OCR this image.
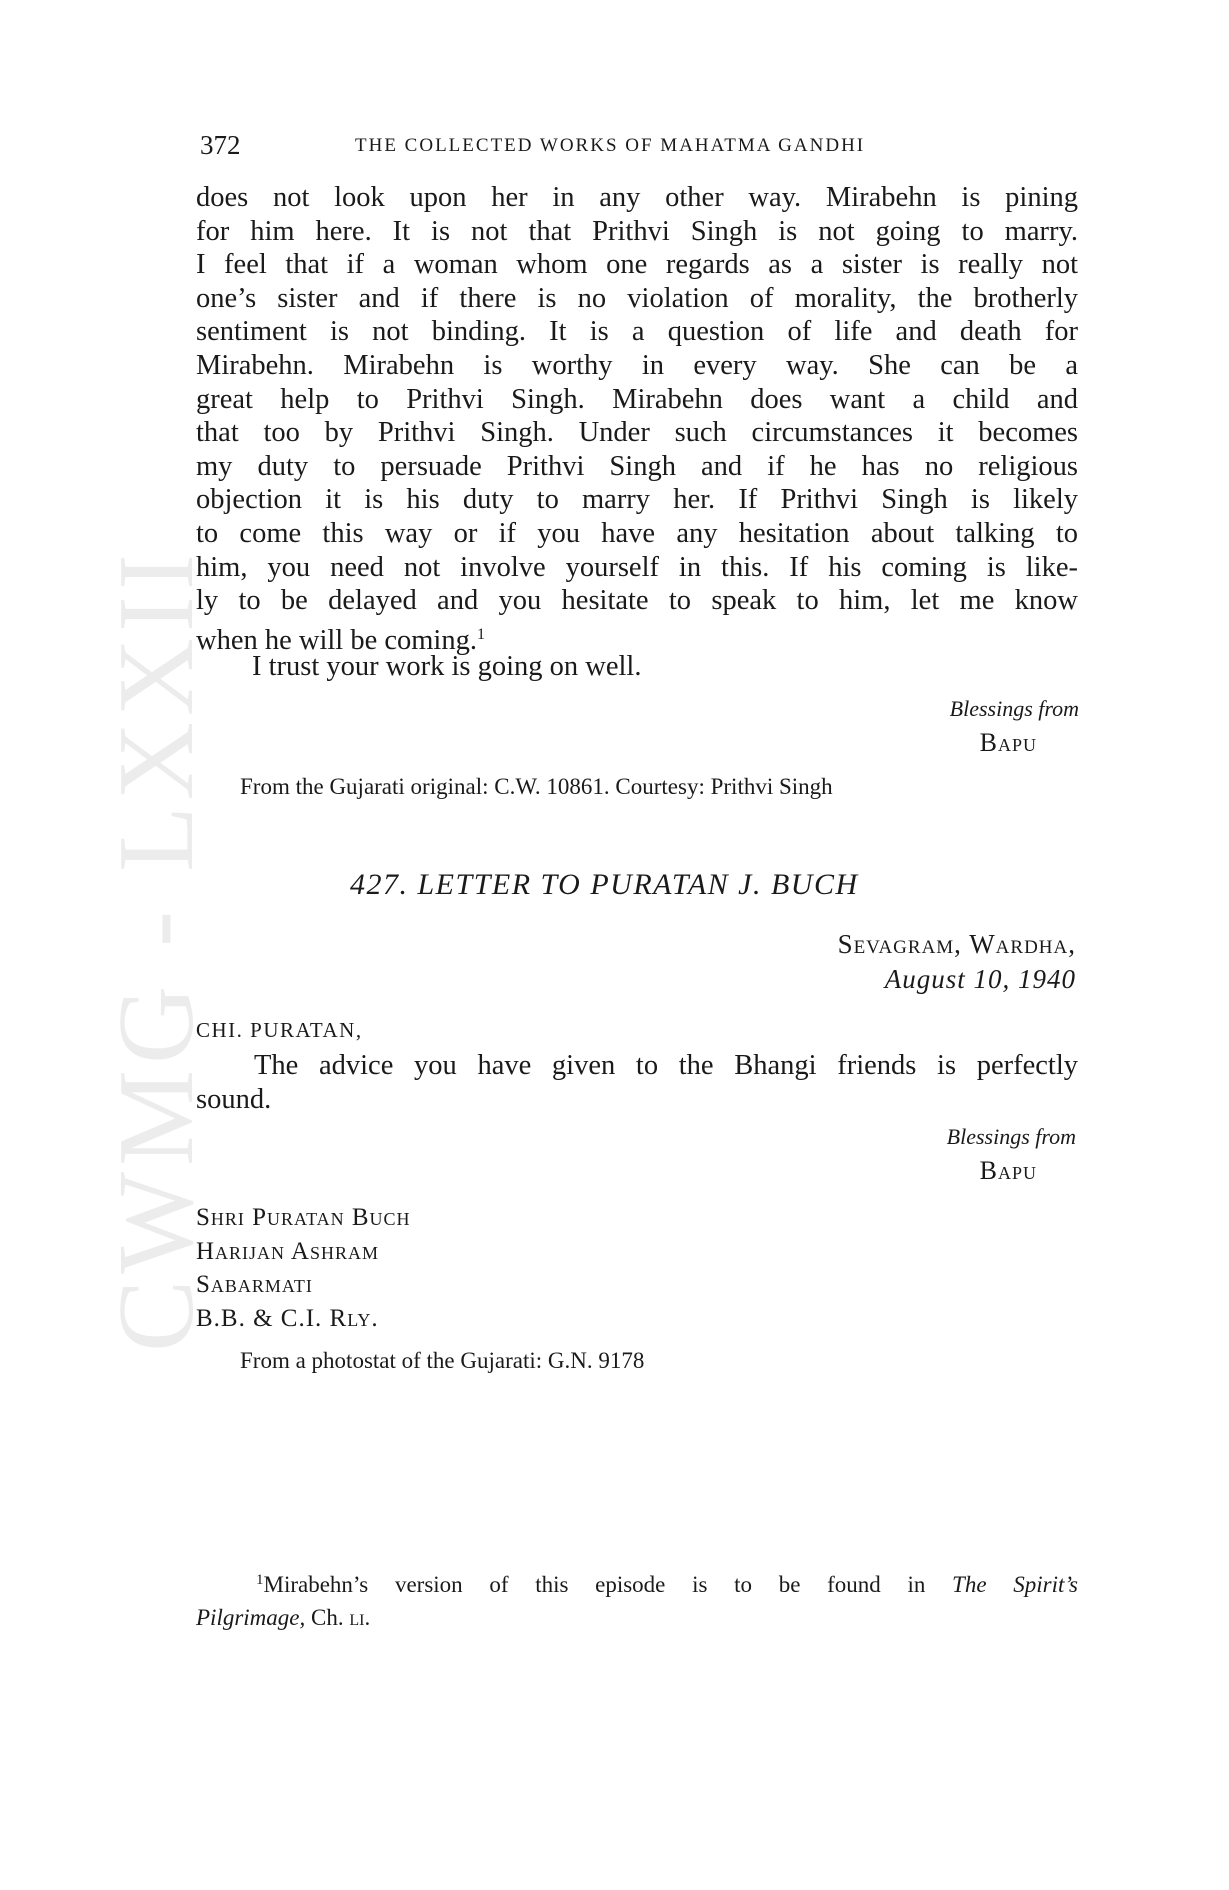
CWMG - LXXII
372	THE COLLECTED WORKS OF MAHATMA GANDHI
does not look upon her in any other way. Mirabehn is pining
for him here. It is not that Prithvi Singh is not going to marry.
I feel that if a woman whom one regards as a sister is really not
one’s sister and if there is no violation of morality, the brotherly
sentiment is not binding. It is a question of life and death for
Mirabehn. Mirabehn is worthy in every way. She can be a
great help to Prithvi Singh. Mirabehn does want a child and
that too by Prithvi Singh. Under such circumstances it becomes
my duty to persuade Prithvi Singh and if he has no religious
objection it is his duty to marry her. If Prithvi Singh is likely
to come this way or if you have any hesitation about talking to
him, you need not involve yourself in this. If his coming is like-
ly to be delayed and you hesitate to speak to him, let me know
when he will be coming.$^1$
I trust your work is going on well.
Blessings from
Bapu
From the Gujarati original: C.W. 10861. Courtesy: Prithvi Singh
427. LETTER TO PURATAN J. BUCH
Sevagram, Wardha,
August 10, 1940
CHI. PURATAN,
The advice you have given to the Bhangi friends is perfectly
sound.
Blessings from
Bapu
Shri Puratan Buch
Harijan Ashram
Sabarmati
B.B. & C.I. Rly.
From a photostat of the Gujarati: G.N. 9178
$^1$Mirabehn’s version of this episode is to be found in The Spirit’s
Pilgrimage, Ch. li.
